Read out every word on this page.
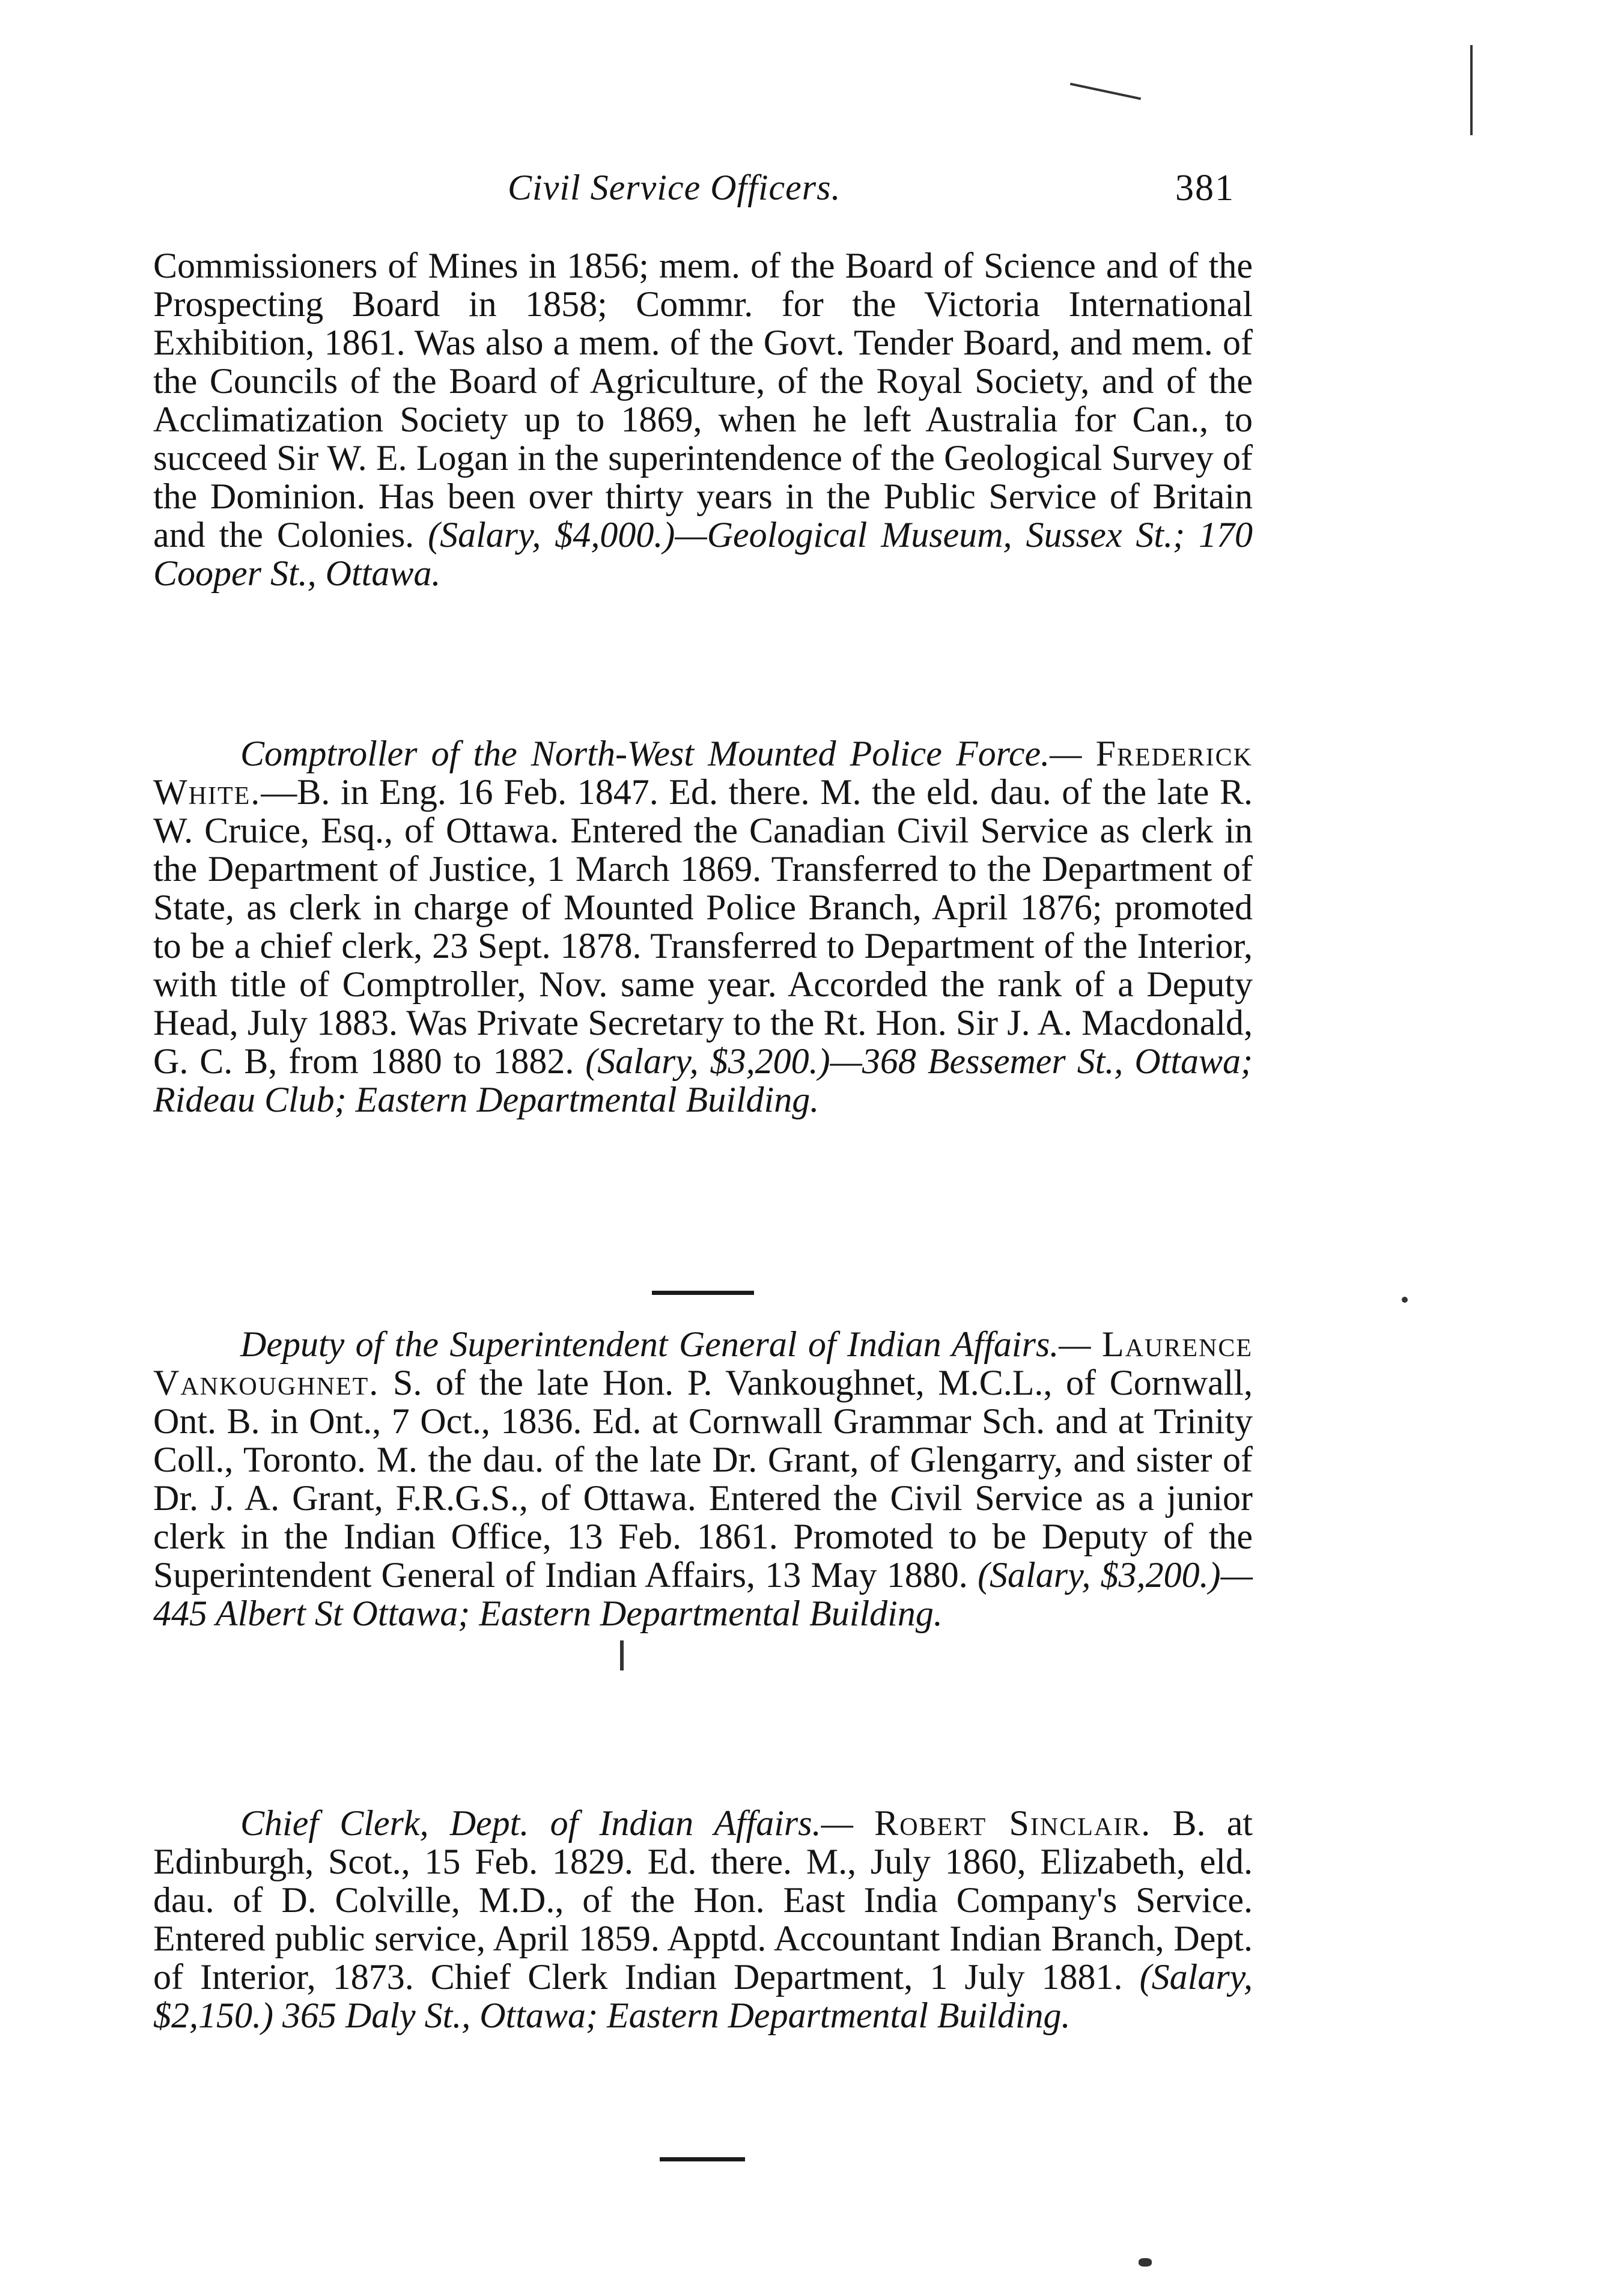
Civil Service Officers.	381

Commissioners of Mines in 1856; mem. of the Board of Science and of the Prospecting Board in 1858; Commr. for the Victoria International Exhibition, 1861. Was also a mem. of the Govt. Tender Board, and mem. of the Councils of the Board of Agriculture, of the Royal Society, and of the Acclimatization Society up to 1869, when he left Australia for Can., to succeed Sir W. E. Logan in the superintendence of the Geological Survey of the Dominion. Has been over thirty years in the Public Service of Britain and the Colonies. (Salary, $4,000.)—Geological Museum, Sussex St.; 170 Cooper St., Ottawa.

Comptroller of the North-West Mounted Police Force.— Frederick White.—B. in Eng. 16 Feb. 1847. Ed. there. M. the eld. dau. of the late R. W. Cruice, Esq., of Ottawa. Entered the Canadian Civil Service as clerk in the Department of Justice, 1 March 1869. Transferred to the Department of State, as clerk in charge of Mounted Police Branch, April 1876; promoted to be a chief clerk, 23 Sept. 1878. Transferred to Department of the Interior, with title of Comptroller, Nov. same year. Accorded the rank of a Deputy Head, July 1883. Was Private Secretary to the Rt. Hon. Sir J. A. Macdonald, G. C. B, from 1880 to 1882. (Salary, $3,200.)—368 Bessemer St., Ottawa; Rideau Club; Eastern Departmental Building.

Deputy of the Superintendent General of Indian Affairs.— Laurence Vankoughnet. S. of the late Hon. P. Vankoughnet, M.C.L., of Cornwall, Ont. B. in Ont., 7 Oct., 1836. Ed. at Cornwall Grammar Sch. and at Trinity Coll., Toronto. M. the dau. of the late Dr. Grant, of Glengarry, and sister of Dr. J. A. Grant, F.R.G.S., of Ottawa. Entered the Civil Service as a junior clerk in the Indian Office, 13 Feb. 1861. Promoted to be Deputy of the Superintendent General of Indian Affairs, 13 May 1880. (Salary, $3,200.)—445 Albert St Ottawa; Eastern Departmental Building.

Chief Clerk, Dept. of Indian Affairs.— Robert Sinclair. B. at Edinburgh, Scot., 15 Feb. 1829. Ed. there. M., July 1860, Elizabeth, eld. dau. of D. Colville, M.D., of the Hon. East India Company's Service. Entered public service, April 1859. Apptd. Accountant Indian Branch, Dept. of Interior, 1873. Chief Clerk Indian Department, 1 July 1881. (Salary, $2,150.) 365 Daly St., Ottawa; Eastern Departmental Building.
